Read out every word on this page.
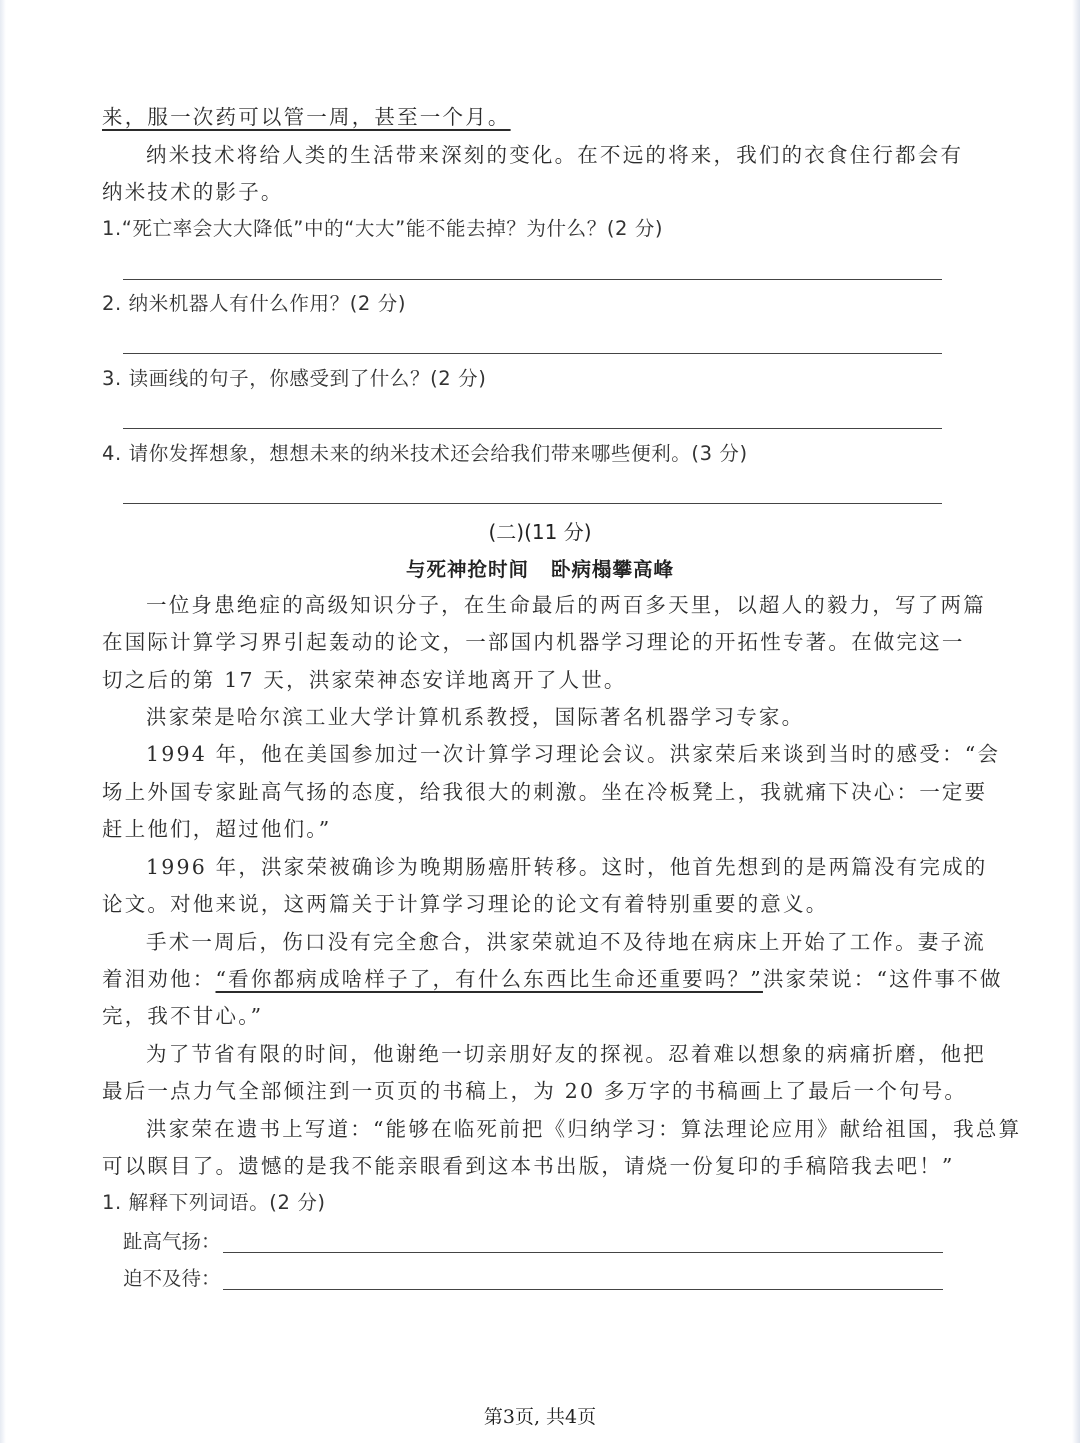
来，服一次药可以管一周，甚至一个月。
纳米技术将给人类的生活带来深刻的变化。在不远的将来，我们的衣食住行都会有
纳米技术的影子。
1.“死亡率会大大降低”中的“大大”能不能去掉？为什么？(2 分)
2. 纳米机器人有什么作用？(2 分)
3. 读画线的句子，你感受到了什么？(2 分)
4. 请你发挥想象，想想未来的纳米技术还会给我们带来哪些便利。(3 分)
(二)(11 分)
与死神抢时间 卧病榻攀高峰
一位身患绝症的高级知识分子，在生命最后的两百多天里，以超人的毅力，写了两篇
在国际计算学习界引起轰动的论文，一部国内机器学习理论的开拓性专著。在做完这一
切之后的第 17 天，洪家荣神态安详地离开了人世。
洪家荣是哈尔滨工业大学计算机系教授，国际著名机器学习专家。
1994 年，他在美国参加过一次计算学习理论会议。洪家荣后来谈到当时的感受：“会
场上外国专家趾高气扬的态度，给我很大的刺激。坐在冷板凳上，我就痛下决心：一定要
赶上他们，超过他们。”
1996 年，洪家荣被确诊为晚期肠癌肝转移。这时，他首先想到的是两篇没有完成的
论文。对他来说，这两篇关于计算学习理论的论文有着特别重要的意义。
手术一周后，伤口没有完全愈合，洪家荣就迫不及待地在病床上开始了工作。妻子流
着泪劝他：“看你都病成啥样子了，有什么东西比生命还重要吗？”洪家荣说：“这件事不做
完，我不甘心。”
为了节省有限的时间，他谢绝一切亲朋好友的探视。忍着难以想象的病痛折磨，他把
最后一点力气全部倾注到一页页的书稿上，为 20 多万字的书稿画上了最后一个句号。
洪家荣在遗书上写道：“能够在临死前把《归纳学习：算法理论应用》献给祖国，我总算
可以瞑目了。遗憾的是我不能亲眼看到这本书出版，请烧一份复印的手稿陪我去吧！”
1. 解释下列词语。(2 分)
趾高气扬：
迫不及待：
第3页, 共4页
